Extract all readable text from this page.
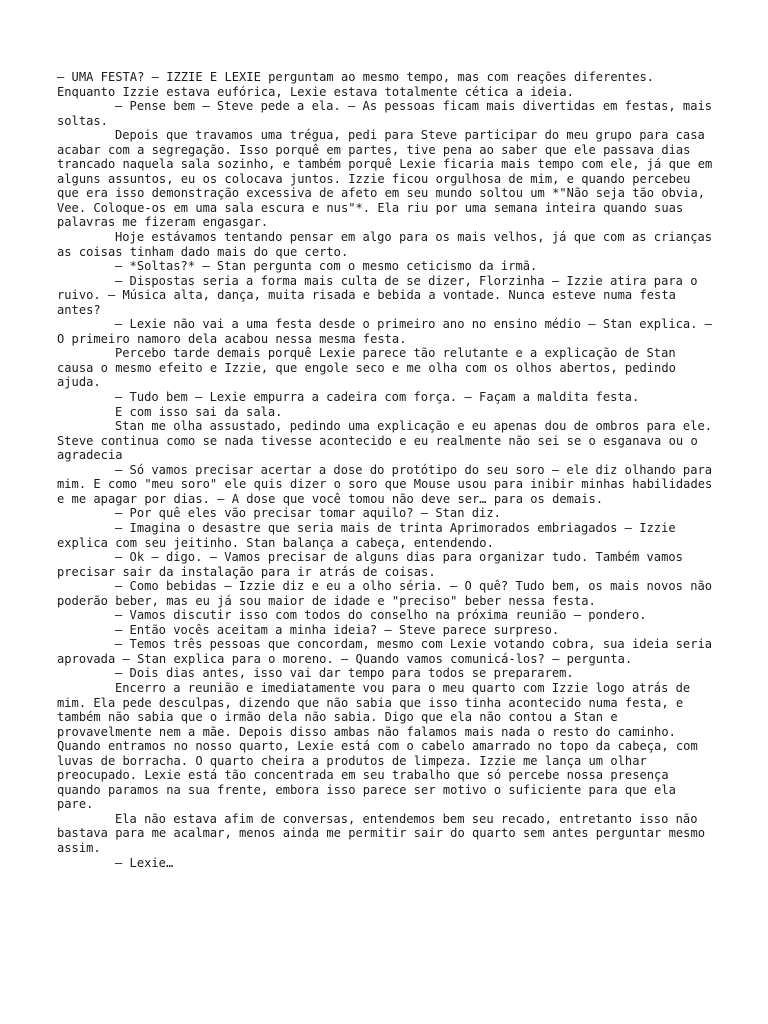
— UMA FESTA? — IZZIE E LEXIE perguntam ao mesmo tempo, mas com reações diferentes. Enquanto Izzie estava eufórica, Lexie estava totalmente cética a ideia.

— Pense bem — Steve pede a ela. — As pessoas ficam mais divertidas em festas, mais soltas.

Depois que travamos uma trégua, pedi para Steve participar do meu grupo para casa acabar com a segregação. Isso porquê em partes, tive pena ao saber que ele passava dias trancado naquela sala sozinho, e também porquê Lexie ficaria mais tempo com ele, já que em alguns assuntos, eu os colocava juntos. Izzie ficou orgulhosa de mim, e quando percebeu que era isso demonstração excessiva de afeto em seu mundo soltou um *"Não seja tão obvia, Vee. Coloque-os em uma sala escura e nus"*. Ela riu por uma semana inteira quando suas palavras me fizeram engasgar.

Hoje estávamos tentando pensar em algo para os mais velhos, já que com as crianças as coisas tinham dado mais do que certo.

— *Soltas?* — Stan pergunta com o mesmo ceticismo da irmã.

— Dispostas seria a forma mais culta de se dizer, Florzinha — Izzie atira para o ruivo. — Música alta, dança, muita risada e bebida a vontade. Nunca esteve numa festa antes?

— Lexie não vai a uma festa desde o primeiro ano no ensino médio — Stan explica. — O primeiro namoro dela acabou nessa mesma festa.

Percebo tarde demais porquê Lexie parece tão relutante e a explicação de Stan causa o mesmo efeito e Izzie, que engole seco e me olha com os olhos abertos, pedindo ajuda.

— Tudo bem — Lexie empurra a cadeira com força. — Façam a maldita festa.

E com isso sai da sala.

Stan me olha assustado, pedindo uma explicação e eu apenas dou de ombros para ele. Steve continua como se nada tivesse acontecido e eu realmente não sei se o esganava ou o agradecia

— Só vamos precisar acertar a dose do protótipo do seu soro — ele diz olhando para mim. E como "meu soro" ele quis dizer o soro que Mouse usou para inibir minhas habilidades e me apagar por dias. — A dose que você tomou não deve ser… para os demais.

— Por quê eles vão precisar tomar aquilo? — Stan diz.

— Imagina o desastre que seria mais de trinta Aprimorados embriagados — Izzie explica com seu jeitinho. Stan balança a cabeça, entendendo.

— Ok — digo. — Vamos precisar de alguns dias para organizar tudo. Também vamos precisar sair da instalação para ir atrás de coisas.

— Como bebidas — Izzie diz e eu a olho séria. — O quê? Tudo bem, os mais novos não poderão beber, mas eu já sou maior de idade e "preciso" beber nessa festa.

— Vamos discutir isso com todos do conselho na próxima reunião — pondero.

— Então vocês aceitam a minha ideia? — Steve parece surpreso.

— Temos três pessoas que concordam, mesmo com Lexie votando cobra, sua ideia seria aprovada — Stan explica para o moreno. — Quando vamos comunicá-los? — pergunta.

— Dois dias antes, isso vai dar tempo para todos se prepararem.

Encerro a reunião e imediatamente vou para o meu quarto com Izzie logo atrás de mim. Ela pede desculpas, dizendo que não sabia que isso tinha acontecido numa festa, e também não sabia que o irmão dela não sabia. Digo que ela não contou a Stan e provavelmente nem a mãe. Depois disso ambas não falamos mais nada o resto do caminho. Quando entramos no nosso quarto, Lexie está com o cabelo amarrado no topo da cabeça, com luvas de borracha. O quarto cheira a produtos de limpeza. Izzie me lança um olhar preocupado. Lexie está tão concentrada em seu trabalho que só percebe nossa presença quando paramos na sua frente, embora isso parece ser motivo o suficiente para que ela pare.

Ela não estava afim de conversas, entendemos bem seu recado, entretanto isso não bastava para me acalmar, menos ainda me permitir sair do quarto sem antes perguntar mesmo assim.

— Lexie…
